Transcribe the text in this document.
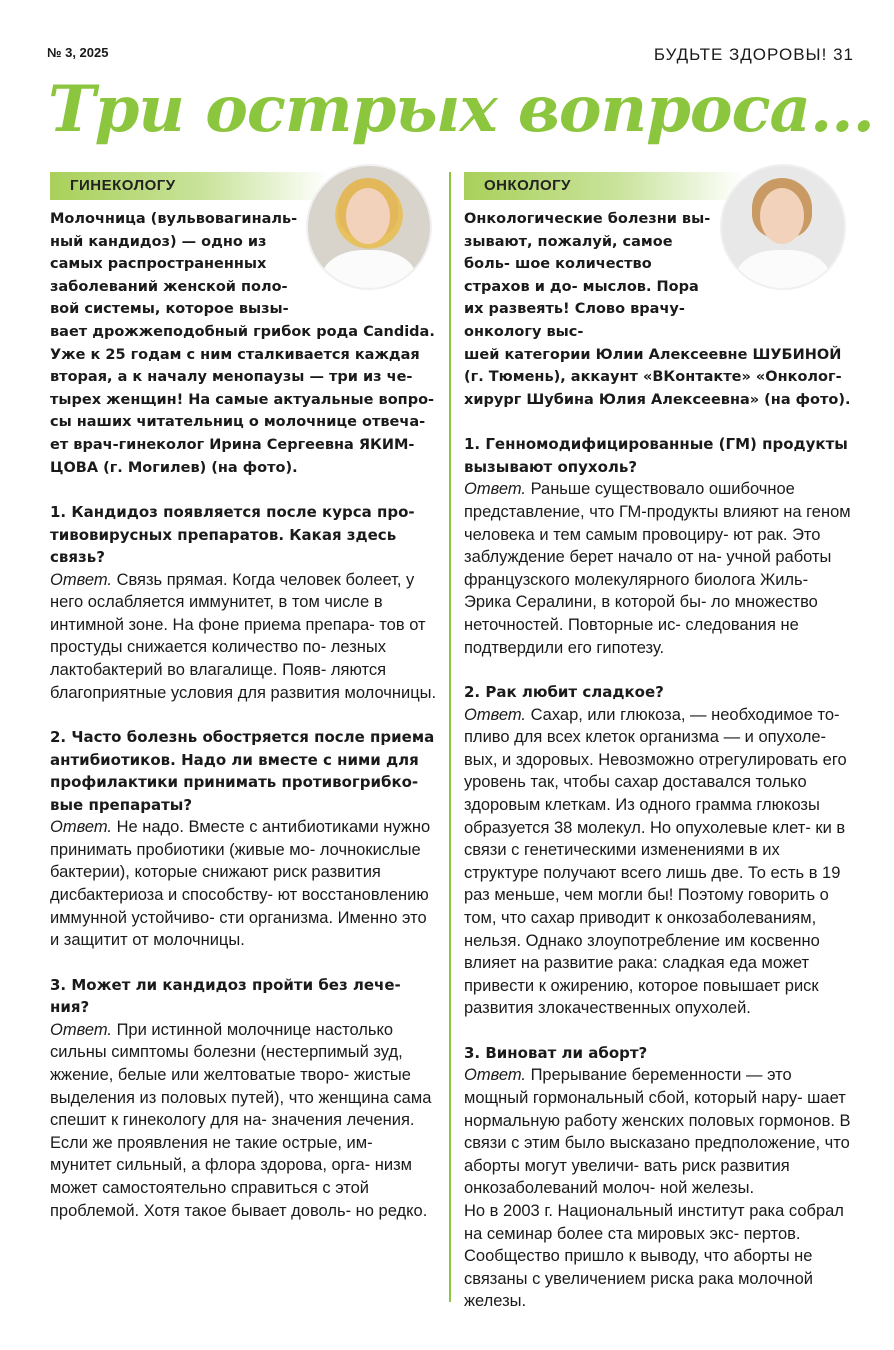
№ 3, 2025	БУДЬТЕ ЗДОРОВЫ! 31
Три острых вопроса...
ГИНЕКОЛОГУ
Молочница (вульвовагиналь- ный кандидоз) — одно из самых распространенных заболеваний женской поло- вой системы, которое вызы-
вает дрожжеподобный грибок рода Candida. Уже к 25 годам с ним сталкивается каждая вторая, а к началу менопаузы — три из че- тырех женщин! На самые актуальные вопро- сы наших читательниц о молочнице отвеча- ет врач-гинеколог Ирина Сергеевна ЯКИМ- ЦОВА (г. Могилев) (на фото).
1. Кандидоз появляется после курса про- тивовирусных препаратов. Какая здесь связь?
Ответ. Связь прямая. Когда человек болеет, у него ослабляется иммунитет, в том числе в интимной зоне. На фоне приема препара- тов от простуды снижается количество по- лезных лактобактерий во влагалище. Появ- ляются благоприятные условия для развития молочницы.
2. Часто болезнь обостряется после приема антибиотиков. Надо ли вместе с ними для профилактики принимать противогрибко- вые препараты?
Ответ. Не надо. Вместе с антибиотиками нужно принимать пробиотики (живые мо- лочнокислые бактерии), которые снижают риск развития дисбактериоза и способству- ют восстановлению иммунной устойчиво- сти организма. Именно это и защитит от молочницы.
3. Может ли кандидоз пройти без лече- ния?
Ответ. При истинной молочнице настолько сильны симптомы болезни (нестерпимый зуд, жжение, белые или желтоватые творо- жистые выделения из половых путей), что женщина сама спешит к гинекологу для на- значения лечения.

Если же проявления не такие острые, им- мунитет сильный, а флора здорова, орга- низм может самостоятельно справиться с этой проблемой. Хотя такое бывает доволь- но редко.

ОНКОЛОГУ
Онкологические болезни вы- зывают, пожалуй, самое боль- шое количество страхов и до- мыслов. Пора их развеять! Слово врачу-онкологу выс-
шей категории Юлии Алексеевне ШУБИНОЙ (г. Тюмень), аккаунт «ВКонтакте» «Онколог- хирург Шубина Юлия Алексеевна» (на фото).
1. Генномодифицированные (ГМ) продукты вызывают опухоль?
Ответ. Раньше существовало ошибочное представление, что ГМ-продукты влияют на геном человека и тем самым провоциру- ют рак. Это заблуждение берет начало от на- учной работы французского молекулярного биолога Жиль-Эрика Сералини, в которой бы- ло множество неточностей. Повторные ис- следования не подтвердили его гипотезу.
2. Рак любит сладкое?
Ответ. Сахар, или глюкоза, — необходимое то- пливо для всех клеток организма — и опухоле- вых, и здоровых. Невозможно отрегулировать его уровень так, чтобы сахар доставался только здоровым клеткам. Из одного грамма глюкозы образуется 38 молекул. Но опухолевые клет- ки в связи с генетическими изменениями в их структуре получают всего лишь две. То есть в 19 раз меньше, чем могли бы! Поэтому говорить о том, что сахар приводит к онкозаболеваниям, нельзя. Однако злоупотребление им косвенно влияет на развитие рака: сладкая еда может привести к ожирению, которое повышает риск развития злокачественных опухолей.
3. Виноват ли аборт?
Ответ. Прерывание беременности — это мощный гормональный сбой, который нару- шает нормальную работу женских половых гормонов. В связи с этим было высказано предположение, что аборты могут увеличи- вать риск развития онкозаболеваний молоч- ной железы.

Но в 2003 г. Национальный институт рака собрал на семинар более ста мировых экс- пертов. Сообщество пришло к выводу, что аборты не связаны с увеличением риска рака молочной железы.
